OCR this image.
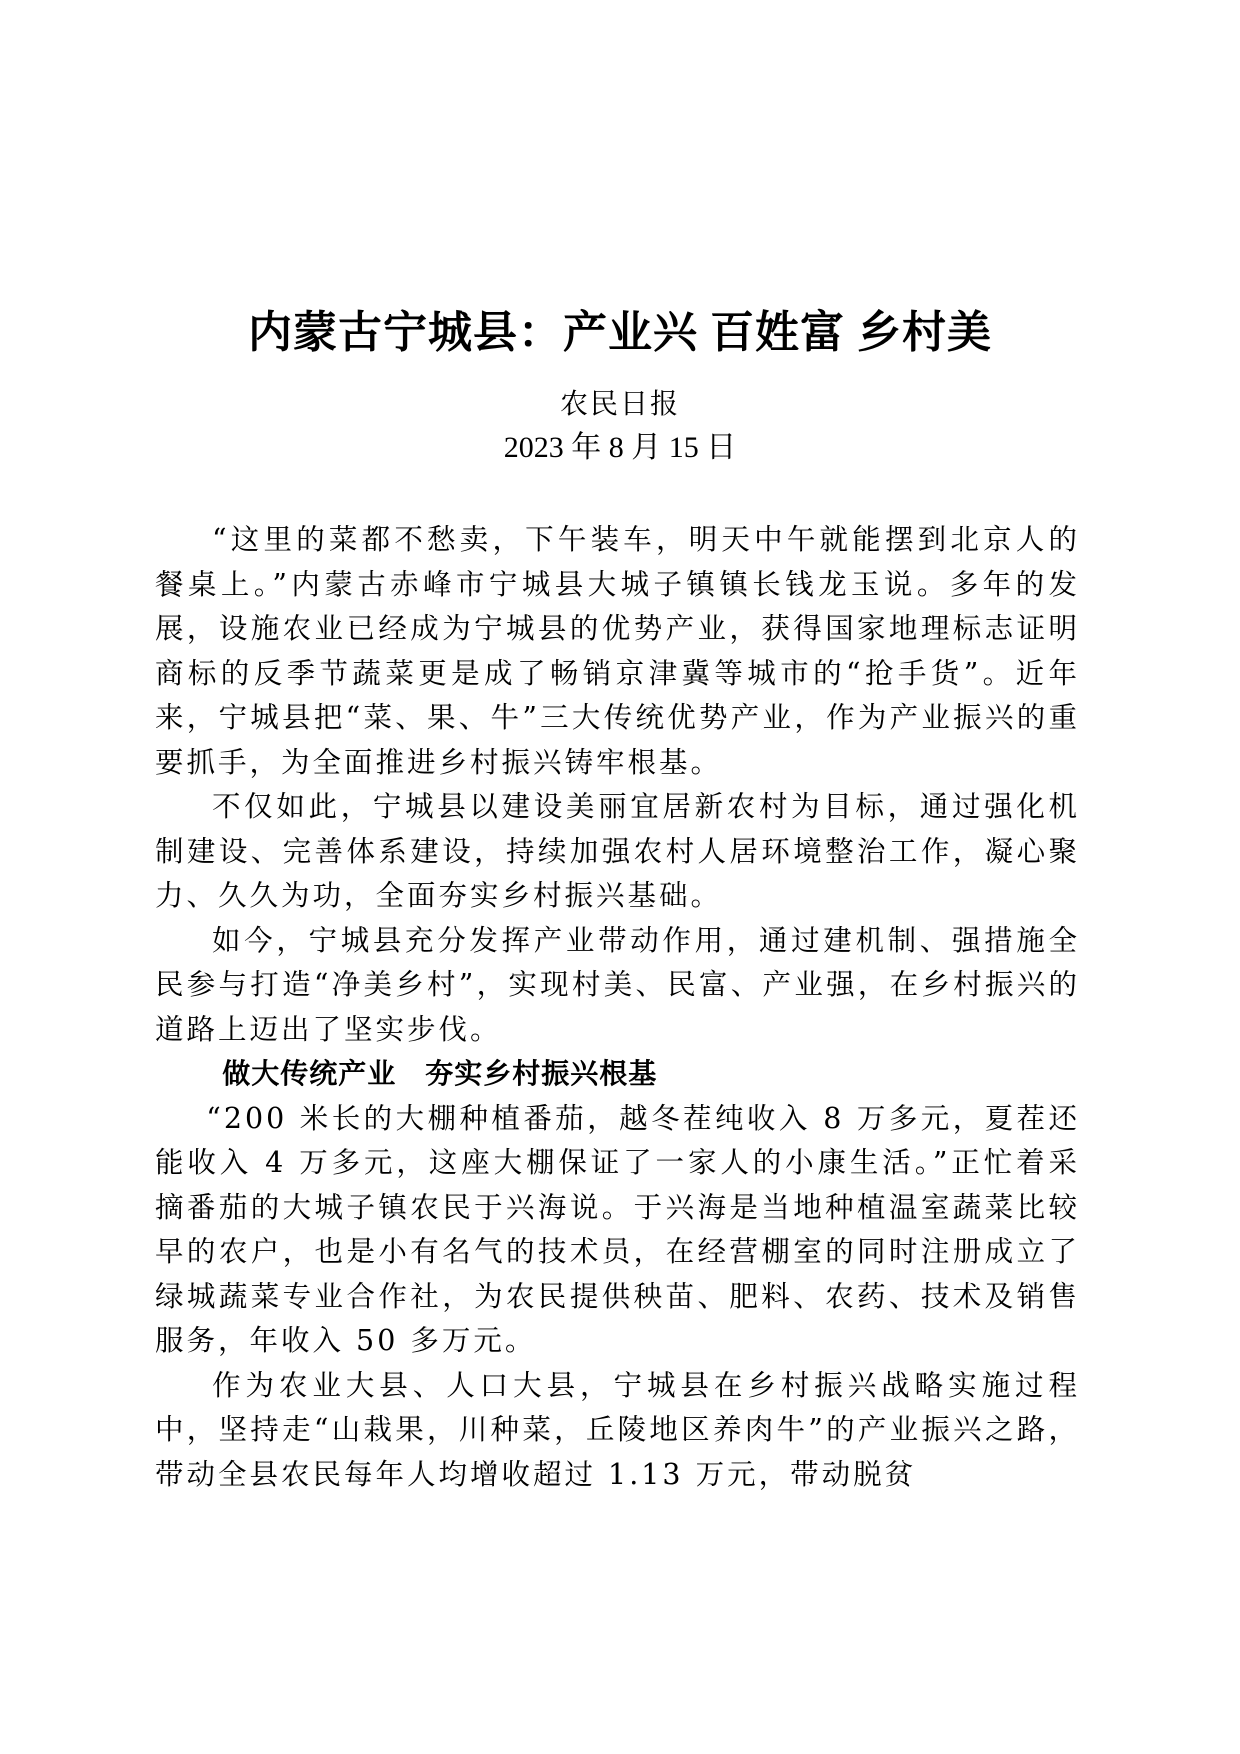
内蒙古宁城县：产业兴 百姓富 乡村美
农民日报
2023 年 8 月 15 日

“这里的菜都不愁卖，下午装车，明天中午就能摆到北京人的餐桌上。”内蒙古赤峰市宁城县大城子镇镇长钱龙玉说。多年的发展，设施农业已经成为宁城县的优势产业，获得国家地理标志证明商标的反季节蔬菜更是成了畅销京津冀等城市的“抢手货”。近年来，宁城县把“菜、果、牛”三大传统优势产业，作为产业振兴的重要抓手，为全面推进乡村振兴铸牢根基。

不仅如此，宁城县以建设美丽宜居新农村为目标，通过强化机制建设、完善体系建设，持续加强农村人居环境整治工作，凝心聚力、久久为功，全面夯实乡村振兴基础。

如今，宁城县充分发挥产业带动作用，通过建机制、强措施全民参与打造“净美乡村”，实现村美、民富、产业强，在乡村振兴的道路上迈出了坚实步伐。

做大传统产业　夯实乡村振兴根基

“200 米长的大棚种植番茄，越冬茬纯收入 8 万多元，夏茬还能收入 4 万多元，这座大棚保证了一家人的小康生活。”正忙着采摘番茄的大城子镇农民于兴海说。于兴海是当地种植温室蔬菜比较早的农户，也是小有名气的技术员，在经营棚室的同时注册成立了绿城蔬菜专业合作社，为农民提供秧苗、肥料、农药、技术及销售服务，年收入 50 多万元。

作为农业大县、人口大县，宁城县在乡村振兴战略实施过程中，坚持走“山栽果，川种菜，丘陵地区养肉牛”的产业振兴之路，带动全县农民每年人均增收超过 1.13 万元，带动脱贫
